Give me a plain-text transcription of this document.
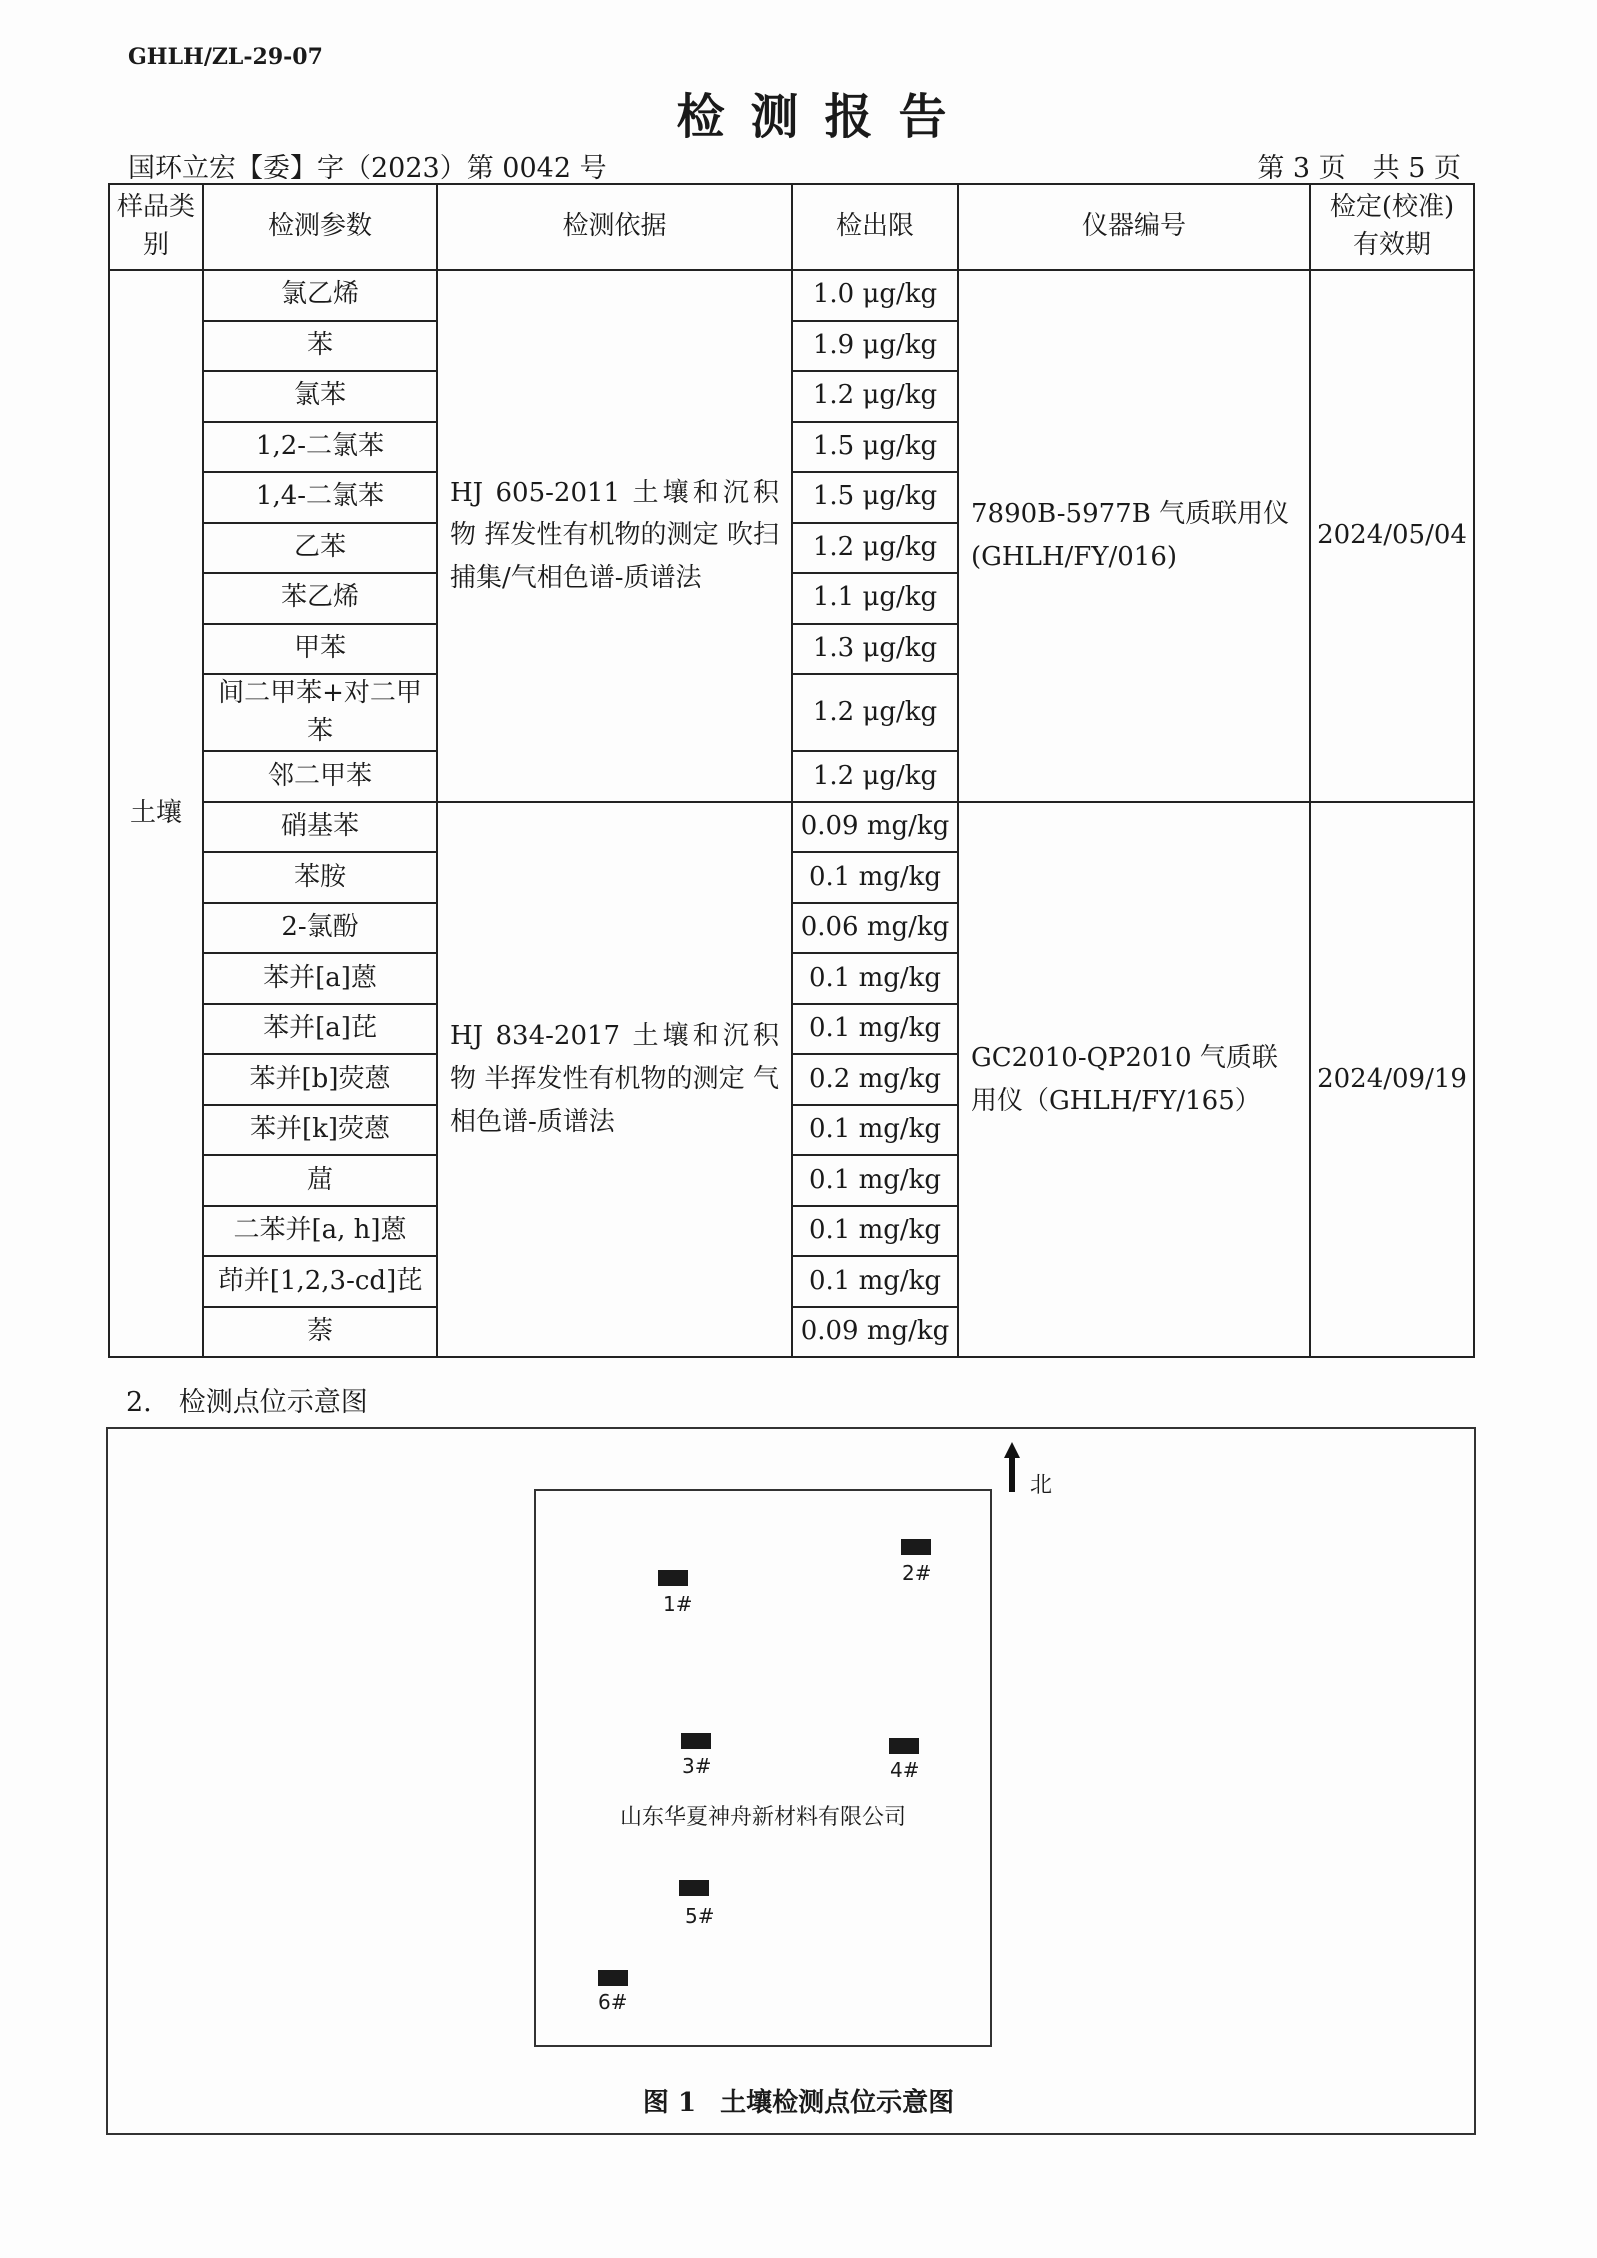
GHLH/ZL-29-07
检测报告
国环立宏【委】字（2023）第 0042 号	第 3 页　共 5 页
样品类别	检测参数	检测依据	检出限	仪器编号	检定(校准)有效期
土壤	氯乙烯	HJ 605-2011 土壤和沉积物 挥发性有机物的测定 吹扫捕集/气相色谱-质谱法	1.0 μg/kg	7890B-5977B 气质联用仪(GHLH/FY/016)	2024/05/04
	苯		1.9 μg/kg		
	氯苯		1.2 μg/kg		
	1,2-二氯苯		1.5 μg/kg		
	1,4-二氯苯		1.5 μg/kg		
	乙苯		1.2 μg/kg		
	苯乙烯		1.1 μg/kg		
	甲苯		1.3 μg/kg		
	间二甲苯+对二甲苯		1.2 μg/kg		
	邻二甲苯		1.2 μg/kg		
	硝基苯	HJ 834-2017 土壤和沉积物 半挥发性有机物的测定 气相色谱-质谱法	0.09 mg/kg	GC2010-QP2010 气质联用仪（GHLH/FY/165）	2024/09/19
	苯胺		0.1 mg/kg		
	2-氯酚		0.06 mg/kg		
	苯并[a]蒽		0.1 mg/kg		
	苯并[a]芘		0.1 mg/kg		
	苯并[b]荧蒽		0.2 mg/kg		
	苯并[k]荧蒽		0.1 mg/kg		
	䓛		0.1 mg/kg		
	二苯并[a, h]蒽		0.1 mg/kg		
	茚并[1,2,3-cd]芘		0.1 mg/kg		
	萘		0.09 mg/kg		
2.　检测点位示意图
北
1#
2#
3#	4#
山东华夏神舟新材料有限公司
5#
6#
图 1 土壤检测点位示意图
